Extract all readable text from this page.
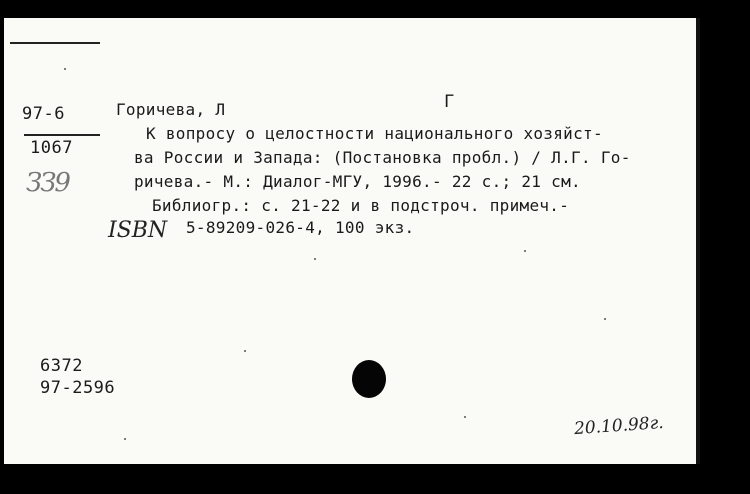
97-6
1067
ЗЗ9
Горичева, Л	Г
К вопросу о целостности национального хозяйст-
ва России и Запада: (Постановка пробл.) / Л.Г. Го-
ричева.- М.: Диалог-МГУ, 1996.- 22 с.; 21 см.
Библиогр.: с. 21-22 и в подстроч. примеч.-
ISBN 5-89209-026-4, 100 экз.
6372
97-2596
20.10.98г.
